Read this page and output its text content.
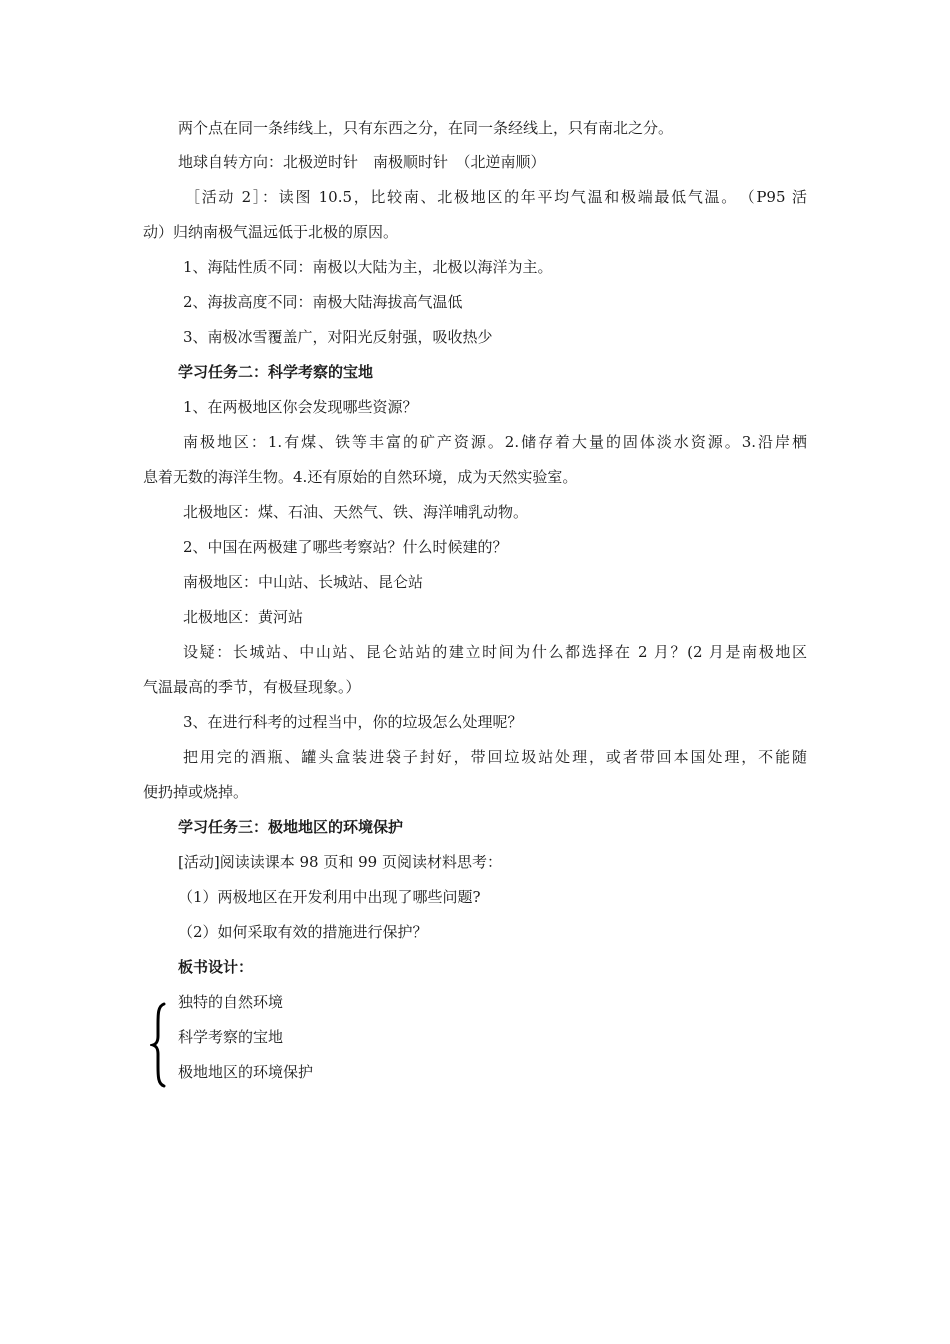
两个点在同一条纬线上，只有东西之分，在同一条经线上，只有南北之分。
地球自转方向：北极逆时针　南极顺时针　（北逆南顺）
［活动 2］：读图 10.5，比较南、北极地区的年平均气温和极端最低气温。　（P95 活
动）归纳南极气温远低于北极的原因。
1、海陆性质不同：南极以大陆为主，北极以海洋为主。
2、海拔高度不同：南极大陆海拔高气温低
3、南极冰雪覆盖广，对阳光反射强，吸收热少
学习任务二：科学考察的宝地
1、在两极地区你会发现哪些资源？
南极地区：1.有煤、铁等丰富的矿产资源。2.储存着大量的固体淡水资源。3.沿岸栖
息着无数的海洋生物。4.还有原始的自然环境，成为天然实验室。
北极地区：煤、石油、天然气、铁、海洋哺乳动物。
2、中国在两极建了哪些考察站？什么时候建的？
南极地区：中山站、长城站、昆仑站
北极地区：黄河站
设疑：长城站、中山站、昆仑站站的建立时间为什么都选择在 2 月？(2 月是南极地区
气温最高的季节，有极昼现象。）
3、在进行科考的过程当中，你的垃圾怎么处理呢？
把用完的酒瓶、罐头盒装进袋子封好，带回垃圾站处理，或者带回本国处理，不能随
便扔掉或烧掉。
学习任务三：极地地区的环境保护
[活动]阅读读课本 98 页和 99 页阅读材料思考：
（1）两极地区在开发利用中出现了哪些问题?
（2）如何采取有效的措施进行保护？
板书设计：
独特的自然环境
科学考察的宝地
极地地区的环境保护
